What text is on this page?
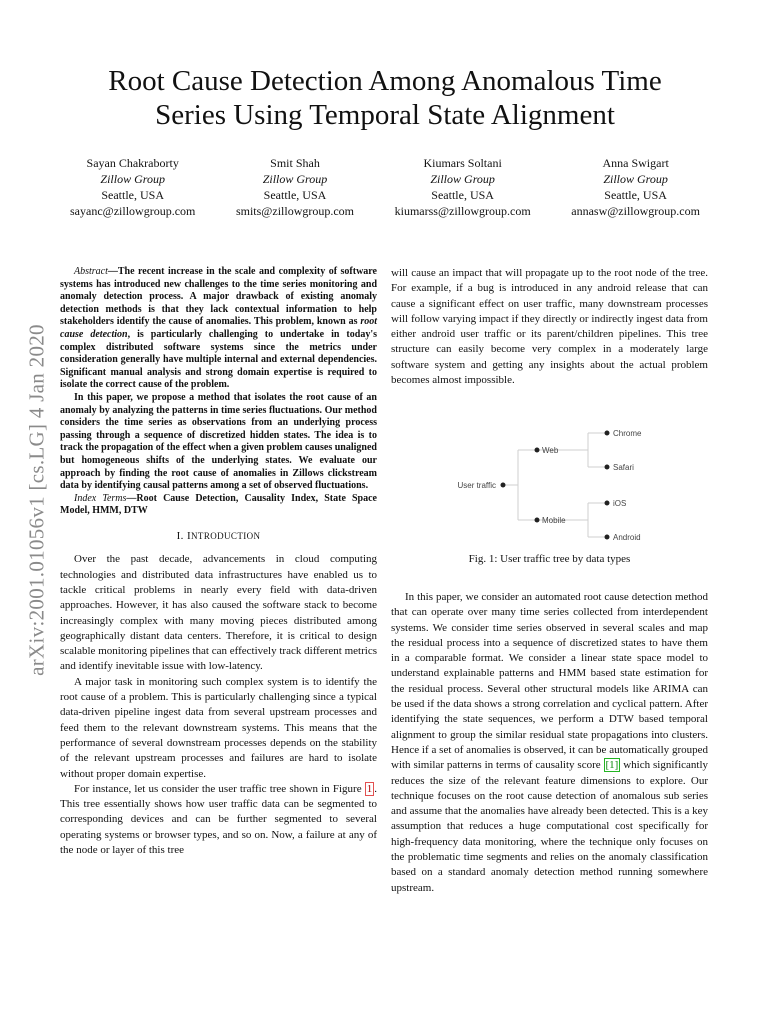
arXiv:2001.01056v1 [cs.LG] 4 Jan 2020
Root Cause Detection Among Anomalous Time
Series Using Temporal State Alignment
Sayan Chakraborty
Zillow Group
Seattle, USA
sayanc@zillowgroup.com
Smit Shah
Zillow Group
Seattle, USA
smits@zillowgroup.com
Kiumars Soltani
Zillow Group
Seattle, USA
kiumarss@zillowgroup.com
Anna Swigart
Zillow Group
Seattle, USA
annasw@zillowgroup.com

Abstract—The recent increase in the scale and complexity of software systems has introduced new challenges to the time series monitoring and anomaly detection process. A major drawback of existing anomaly detection methods is that they lack contextual information to help stakeholders identify the cause of anomalies. This problem, known as root cause detection, is particularly challenging to undertake in today's complex distributed software systems since the metrics under consideration generally have multiple internal and external dependencies. Significant manual analysis and strong domain expertise is required to isolate the correct cause of the problem.

In this paper, we propose a method that isolates the root cause of an anomaly by analyzing the patterns in time series fluctuations. Our method considers the time series as observations from an underlying process passing through a sequence of discretized hidden states. The idea is to track the propagation of the effect when a given problem causes unaligned but homogeneous shifts of the underlying states. We evaluate our approach by finding the root cause of anomalies in Zillows clickstream data by identifying causal patterns among a set of observed fluctuations.

Index Terms—Root Cause Detection, Causality Index, State Space Model, HMM, DTW

I. INTRODUCTION

Over the past decade, advancements in cloud computing technologies and distributed data infrastructures have enabled us to tackle critical problems in nearly every field with data-driven approaches. However, it has also caused the software stack to become increasingly complex with many moving pieces distributed among geographically distant data centers. Therefore, it is critical to design scalable monitoring pipelines that can effectively track different metrics and identify inevitable issue with low-latency.

A major task in monitoring such complex system is to identify the root cause of a problem. This is particularly challenging since a typical data-driven pipeline ingest data from several upstream processes and feed them to the relevant downstream systems. This means that the performance of several downstream processes depends on the stability of the relevant upstream processes and failures are hard to isolate without proper domain expertise.

For instance, let us consider the user traffic tree shown in Figure 1 . This tree essentially shows how user traffic data can be segmented to corresponding devices and can be further segmented to several operating systems or browser types, and so on. Now, a failure at any of the node or layer of this tree

will cause an impact that will propagate up to the root node of the tree. For example, if a bug is introduced in any android release that can cause a significant effect on user traffic, many downstream processes will follow varying impact if they directly or indirectly ingest data from either android user traffic or its parent/children pipelines. This tree structure can easily become very complex in a moderately large software system and getting any insights about the actual problem becomes almost impossible.

User traffic
Web
Mobile
Chrome
Safari
iOS
Android
Fig. 1: User traffic tree by data types

In this paper, we consider an automated root cause detection method that can operate over many time series collected from interdependent systems. We consider time series observed in several scales and map the residual process into a sequence of discretized states to have them in a comparable format. We consider a linear state space model to understand explainable patterns and HMM based state estimation for the residual process. Several other structural models like ARIMA can be used if the data shows a strong correlation and cyclical pattern. After identifying the state sequences, we perform a DTW based temporal alignment to group the similar residual state propagations into clusters. Hence if a set of anomalies is observed, it can be automatically grouped with similar patterns in terms of causality score [1] which significantly reduces the size of the relevant feature dimensions to explore. Our technique focuses on the root cause detection of anomalous sub series and assume that the anomalies have already been detected. This is a key assumption that reduces a huge computational cost specifically for high-frequency data monitoring, where the technique only focuses on the problematic time segments and relies on the anomaly classification based on a standard anomaly detection method running somewhere upstream.
